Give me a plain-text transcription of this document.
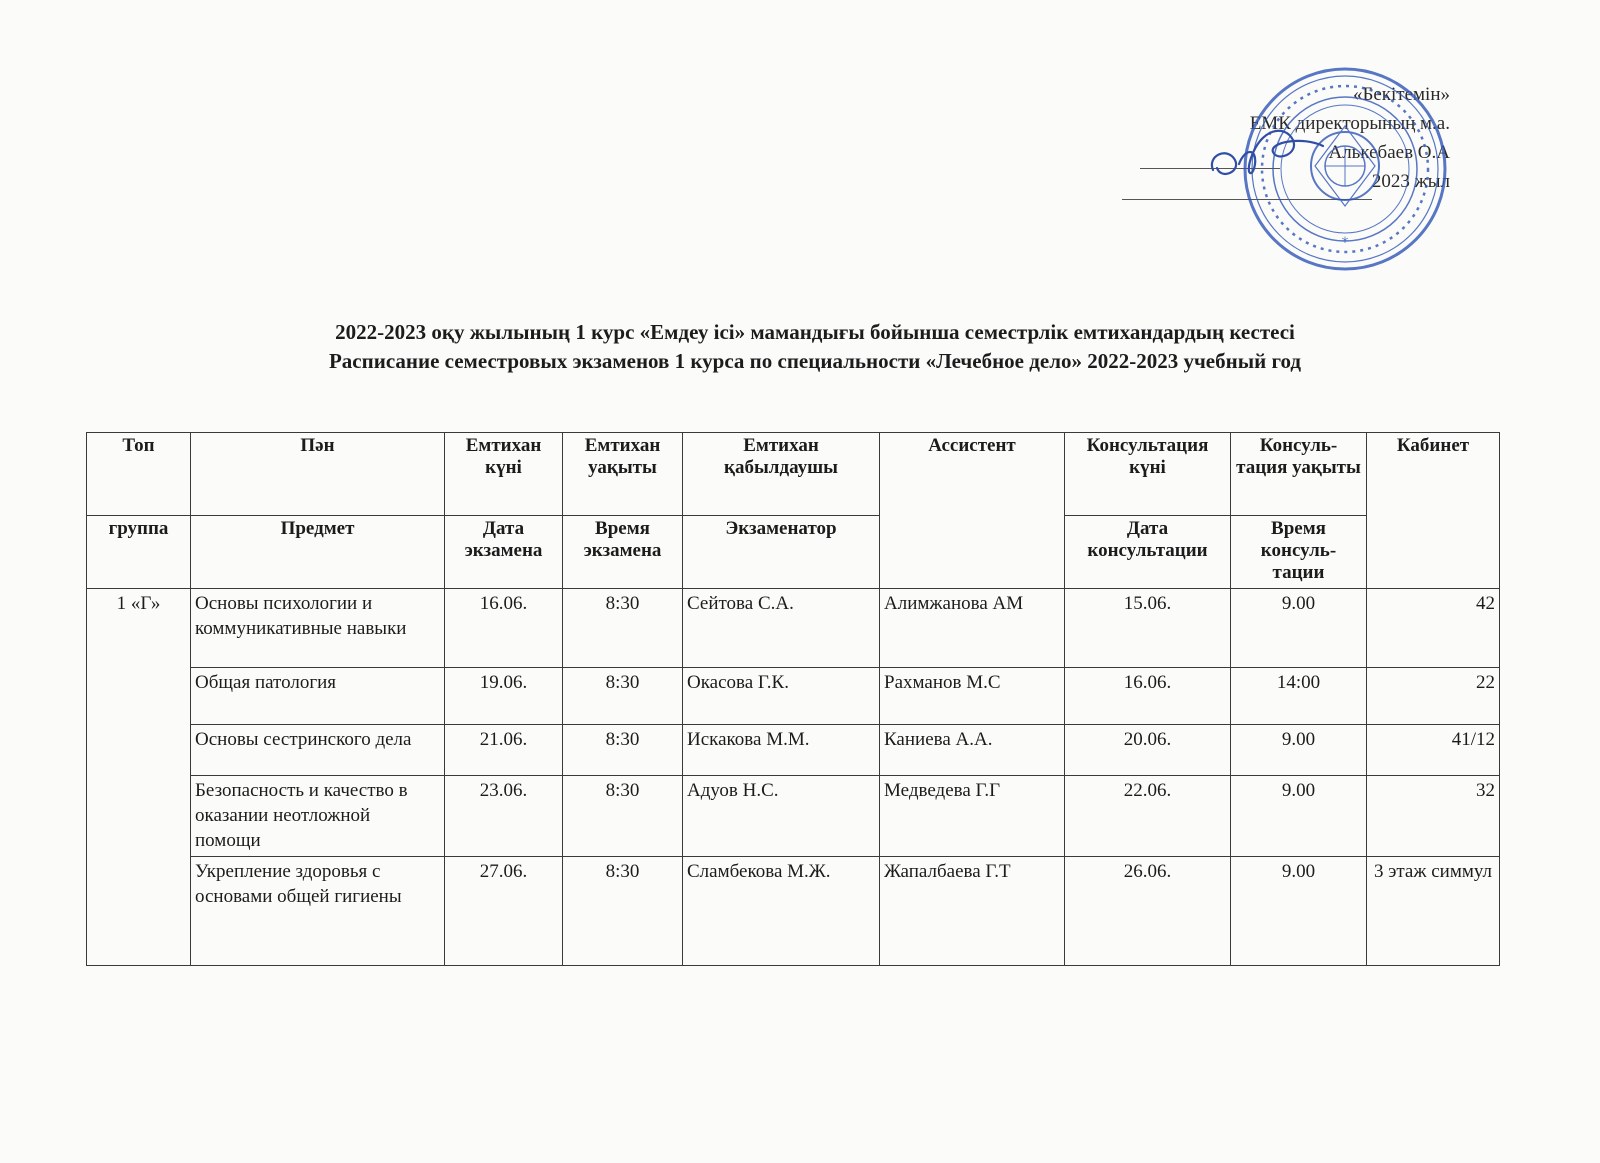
«Бекітемін»
ЕМК директорының м.а.
Алькебаев О.А
2023 жыл
*
2022-2023 оқу жылының 1 курс «Емдеу ісі» мамандығы бойынша семестрлік емтихандардың кестесі
Расписание семестровых экзаменов 1 курса по специальности «Лечебное дело» 2022-2023 учебный год
Топ	Пән	Емтихан күні	Емтихан уақыты	Емтихан қабылдаушы	Ассистент	Консультация күні	Консуль-тация уақыты	Кабинет
группа	Предмет	Дата экзамена	Время экзамена	Экзаменатор		Дата консультации	Время консуль-тации	
1 «Г»	Основы психологии и коммуникативные навыки	16.06.	8:30	Сейтова С.А.	Алимжанова АМ	15.06.	9.00	42
	Общая патология	19.06.	8:30	Окасова Г.К.	Рахманов М.С	16.06.	14:00	22
	Основы сестринского дела	21.06.	8:30	Искакова М.М.	Каниева А.А.	20.06.	9.00	41/12
	Безопасность и качество в оказании неотложной помощи	23.06.	8:30	Адуов Н.С.	Медведева Г.Г	22.06.	9.00	32
	Укрепление здоровья с основами общей гигиены	27.06.	8:30	Сламбекова М.Ж.	Жапалбаева Г.Т	26.06.	9.00	3 этаж симмул
